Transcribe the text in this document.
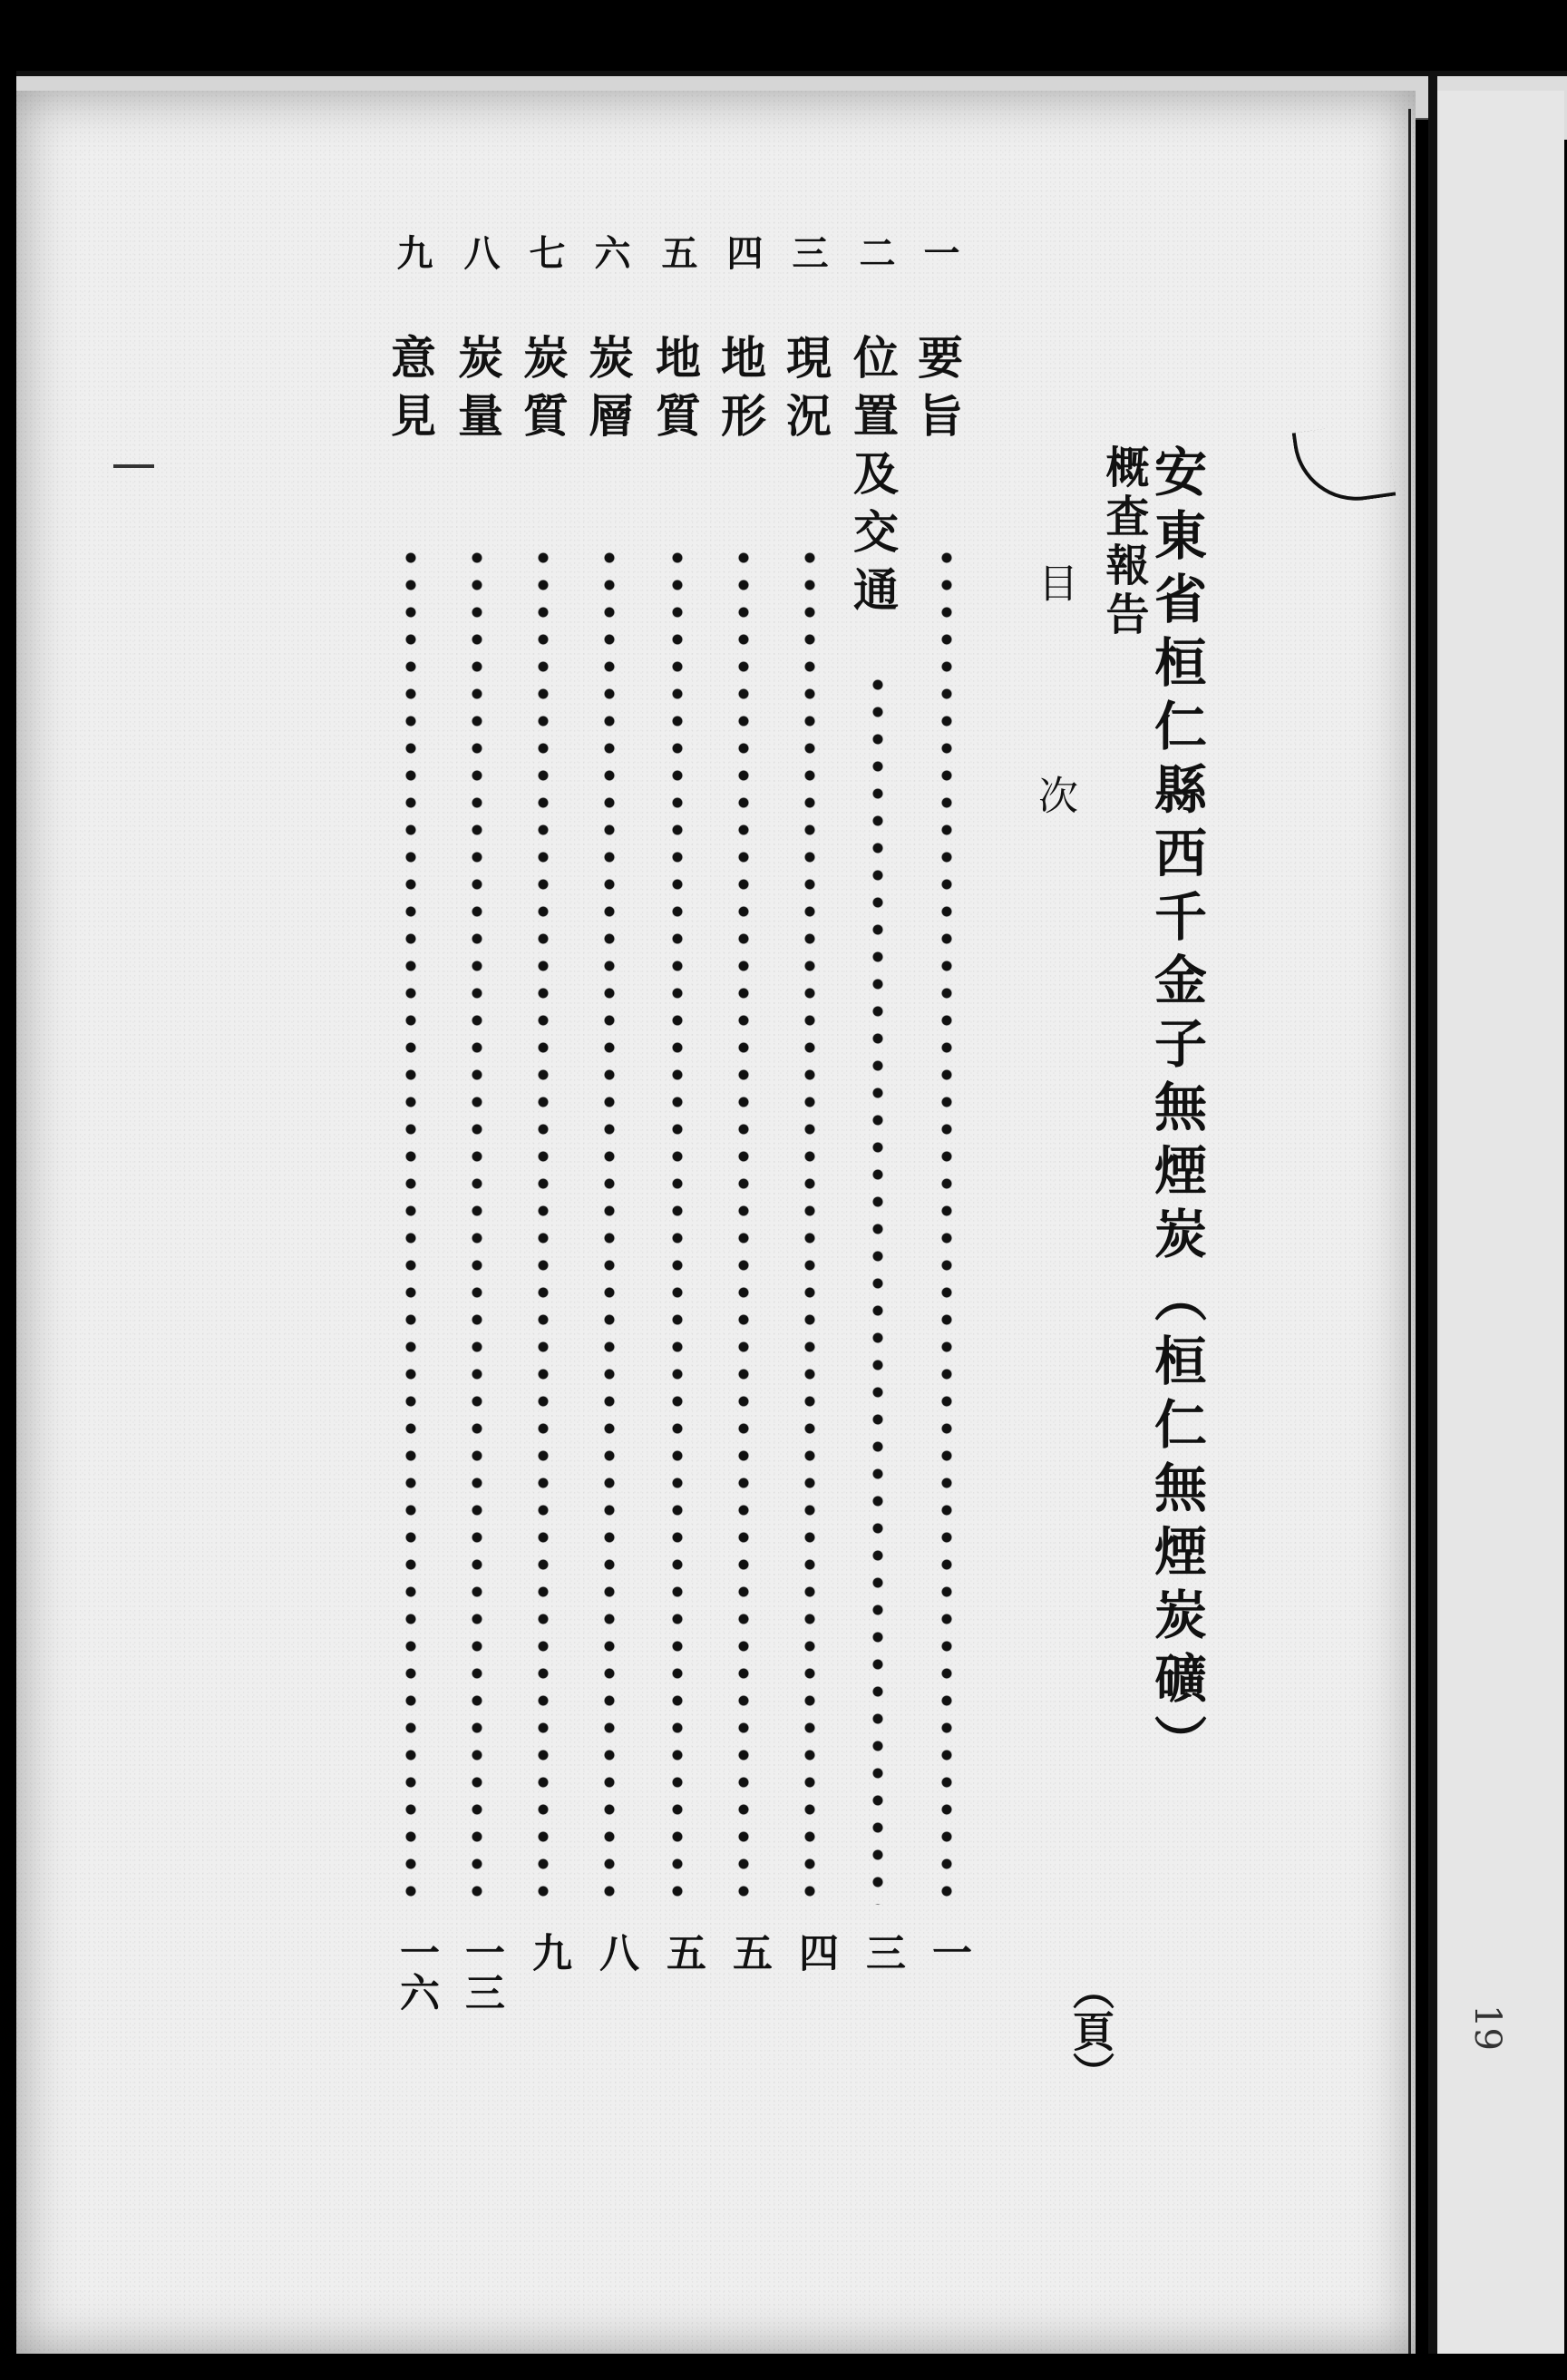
安東省桓仁縣西千金子無煙炭（桓仁無煙炭礦）
概査報告
目次
（頁）
一
要旨
一
二
位置及交通
三
三
現況
四
四
地形
五
五
地質
五
六
炭層
八
七
炭質
九
八
炭量
一三
九
意見
一六
19
